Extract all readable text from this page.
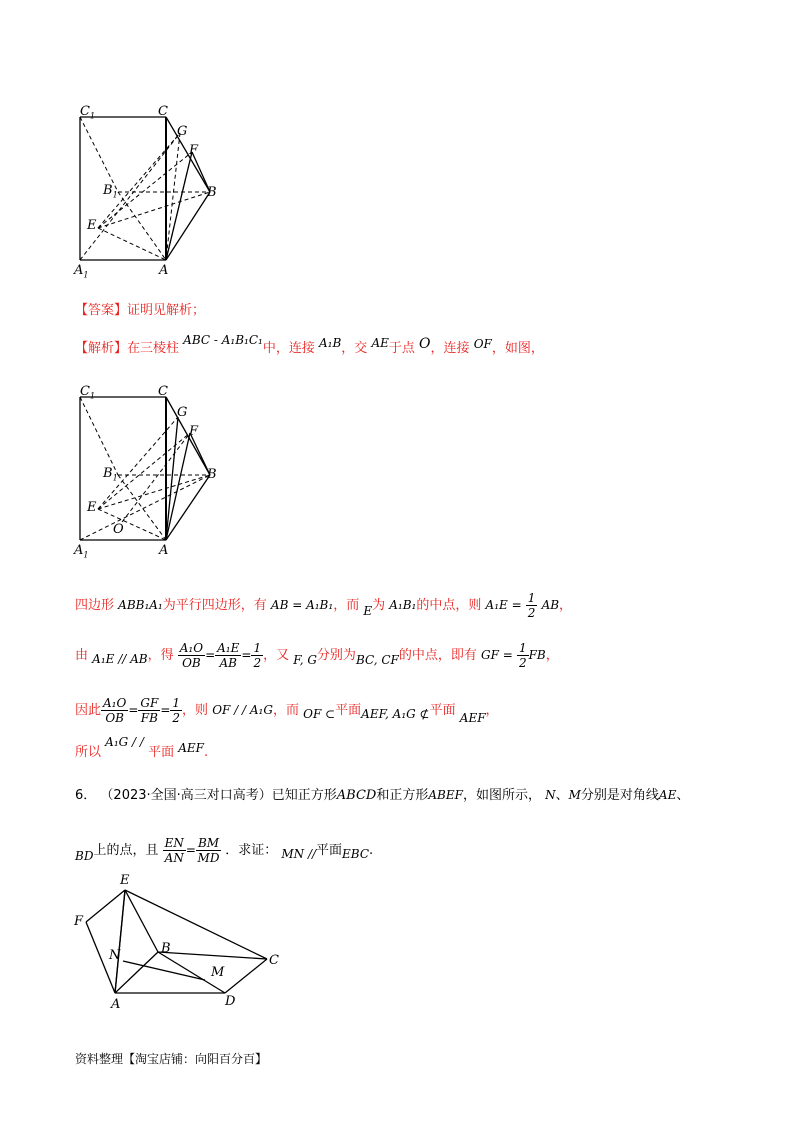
$C_1$	C
G
F
$B_1$	B
E
$A_1$	A
【答案】证明见解析；
【解析】在三棱柱 ABC - A₁B₁C₁中，连接 A₁B，交 AE于点 O，连接 OF，如图，
$C_1$	C
G
F
$B_1$	B
E
O
$A_1$	A
四边形 ABB₁A₁为平行四边形，有 AB = A₁B₁，而 E为 A₁B₁的中点，则 $A_1E = \frac{1}{2}$ AB，
由 A₁E // AB，得 $\frac{\text{A₁O}}{OB} = \frac{\text{A₁E}}{AB} = \frac{1}{2}$ ，又 F, G分别为BC, CF的中点，即有 GF = $\frac{1}{2}$ FB，
因此 $\frac{\text{A₁O}}{OB} = \frac{GF}{FB} = \frac{1}{2}$ ，则 OF / / A₁G，而 OF ⊂平面AEF, A₁G ⊄平面 AEF，
所以 A₁G / / 平面 AEF.
6． （2023·全国·高三对口高考）已知正方形ABCD和正方形ABEF，如图所示， N、M分别是对角线AE、
BD上的点，且 $\frac{EN}{AN} = \frac{BM}{MD}$ ．求证： MN //平面EBC.
E
F
N	B
M
C
A	D
资料整理【淘宝店铺：向阳百分百】
